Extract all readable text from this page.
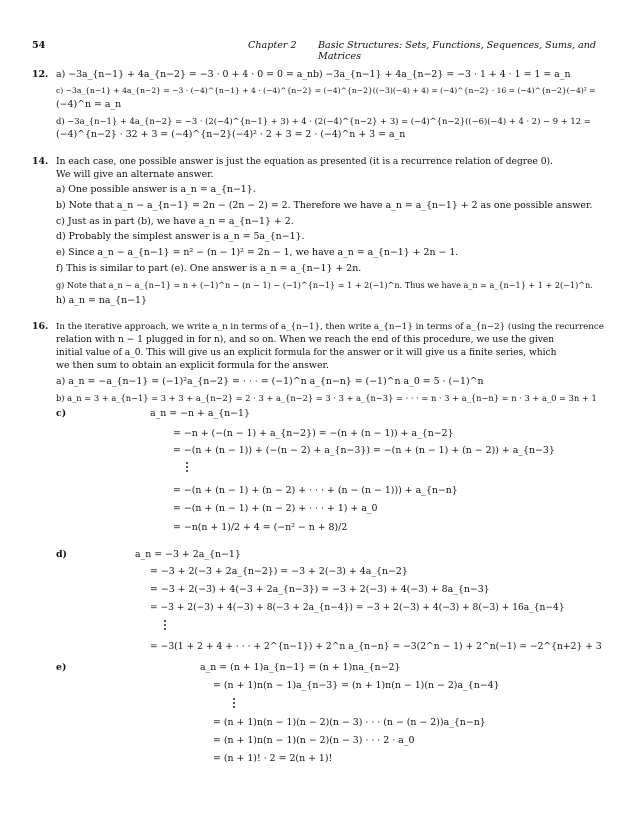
54	Chapter 2 Basic Structures: Sets, Functions, Sequences, Sums, and Matrices
12. a) −3a_{n−1} + 4a_{n−2} = −3 · 0 + 4 · 0 = 0 = a_n b) −3a_{n−1} + 4a_{n−2} = −3 · 1 + 4 · 1 = 1 = a_n
c) −3a_{n−1} + 4a_{n−2} = −3 · (−4)^{n−1} + 4 · (−4)^{n−2} = (−4)^{n−2}((−3)(−4) + 4) = (−4)^{n−2} · 16 = (−4)^{n−2}(−4)² =
(−4)^n = a_n
d) −3a_{n−1} + 4a_{n−2} = −3 · (2(−4)^{n−1} + 3) + 4 · (2(−4)^{n−2} + 3) = (−4)^{n−2}((−6)(−4) + 4 · 2) − 9 + 12 =
(−4)^{n−2} · 32 + 3 = (−4)^{n−2}(−4)² · 2 + 3 = 2 · (−4)^n + 3 = a_n
14. In each case, one possible answer is just the equation as presented (it is a recurrence relation of degree 0).
We will give an alternate answer.
a) One possible answer is a_n = a_{n−1}.
b) Note that a_n − a_{n−1} = 2n − (2n − 2) = 2. Therefore we have a_n = a_{n−1} + 2 as one possible answer.
c) Just as in part (b), we have a_n = a_{n−1} + 2.
d) Probably the simplest answer is a_n = 5a_{n−1}.
e) Since a_n − a_{n−1} = n² − (n − 1)² = 2n − 1, we have a_n = a_{n−1} + 2n − 1.
f) This is similar to part (e). One answer is a_n = a_{n−1} + 2n.
g) Note that a_n − a_{n−1} = n + (−1)^n − (n − 1) − (−1)^{n−1} = 1 + 2(−1)^n. Thus we have a_n = a_{n−1} + 1 + 2(−1)^n.
h) a_n = na_{n−1}
16. In the iterative approach, we write a_n in terms of a_{n−1}, then write a_{n−1} in terms of a_{n−2} (using the recurrence
relation with n − 1 plugged in for n), and so on. When we reach the end of this procedure, we use the given
initial value of a_0. This will give us an explicit formula for the answer or it will give us a finite series, which
we then sum to obtain an explicit formula for the answer.
a) a_n = −a_{n−1} = (−1)²a_{n−2} = · · · = (−1)^n a_{n−n} = (−1)^n a_0 = 5 · (−1)^n
b) a_n = 3 + a_{n−1} = 3 + 3 + a_{n−2} = 2 · 3 + a_{n−2} = 3 · 3 + a_{n−3} = · · · = n · 3 + a_{n−n} = n · 3 + a_0 = 3n + 1
c)	a_n = −n + a_{n−1}
= −n + (−(n − 1) + a_{n−2}) = −(n + (n − 1)) + a_{n−2}
= −(n + (n − 1)) + (−(n − 2) + a_{n−3}) = −(n + (n − 1) + (n − 2)) + a_{n−3}
= −(n + (n − 1) + (n − 2) + · · · + (n − (n − 1))) + a_{n−n}
= −(n + (n − 1) + (n − 2) + · · · + 1) + a_0
= −n(n + 1)/2 + 4 = (−n² − n + 8)/2
d)	a_n = −3 + 2a_{n−1}
= −3 + 2(−3 + 2a_{n−2}) = −3 + 2(−3) + 4a_{n−2}
= −3 + 2(−3) + 4(−3 + 2a_{n−3}) = −3 + 2(−3) + 4(−3) + 8a_{n−3}
= −3 + 2(−3) + 4(−3) + 8(−3 + 2a_{n−4}) = −3 + 2(−3) + 4(−3) + 8(−3) + 16a_{n−4}
= −3(1 + 2 + 4 + · · · + 2^{n−1}) + 2^n a_{n−n} = −3(2^n − 1) + 2^n(−1) = −2^{n+2} + 3
e)	a_n = (n + 1)a_{n−1} = (n + 1)na_{n−2}
= (n + 1)n(n − 1)a_{n−3} = (n + 1)n(n − 1)(n − 2)a_{n−4}
= (n + 1)n(n − 1)(n − 2)(n − 3) · · · (n − (n − 2))a_{n−n}
= (n + 1)n(n − 1)(n − 2)(n − 3) · · · 2 · a_0
= (n + 1)! · 2 = 2(n + 1)!
